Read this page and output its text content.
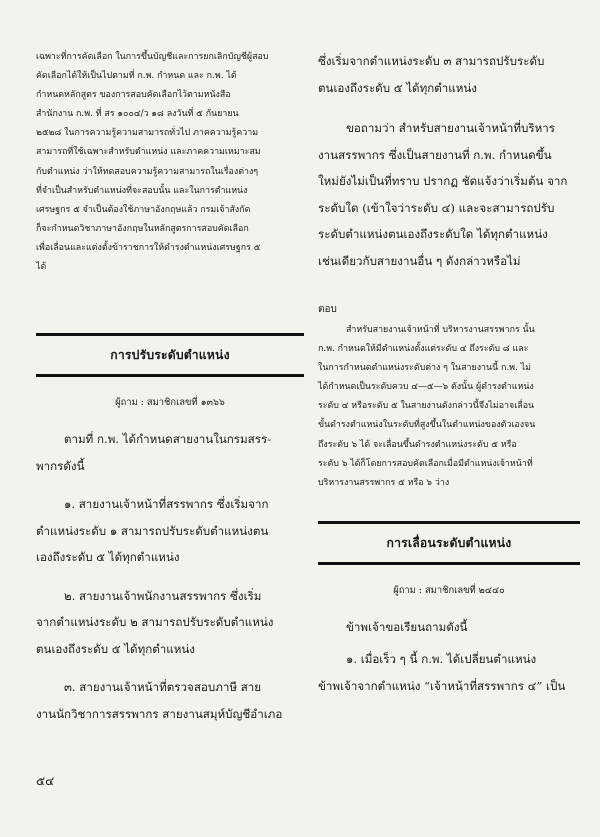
เฉพาะที่การคัดเลือก ในการขึ้นบัญชีและการยกเลิกบัญชีผู้สอบ

คัดเลือกได้ให้เป็นไปตามที่ ก.พ. กำหนด และ ก.พ. ได้

กำหนดหลักสูตร ของการสอบคัดเลือกไว้ตามหนังสือ

สำนักงาน ก.พ. ที่ สร ๑๐๐๔/ว ๑๘ ลงวันที่ ๕ กันยายน

๒๕๒๘ ในการความรู้ความสามารถทั่วไป ภาคความรู้ความ

สามารถที่ใช้เฉพาะสำหรับตำแหน่ง และภาคความเหมาะสม

กับตำแหน่ง ว่าให้ทดสอบความรู้ความสามารถในเรื่องต่างๆ

ที่จำเป็นสำหรับตำแหน่งที่จะสอบนั้น และในการตำแหน่ง

เศรษฐกร ๕ จำเป็นต้องใช้ภาษาอังกฤษแล้ว กรมเจ้าสังกัด

ก็จะกำหนดวิชาภาษาอังกฤษในหลักสูตรการสอบคัดเลือก

เพื่อเลื่อนและแต่งตั้งข้าราชการให้ดำรงตำแหน่งเศรษฐกร ๕

ได้

การปรับระดับตำแหน่ง
ผู้ถาม : สมาชิกเลขที่ ๑๓๖๖

ตามที่ ก.พ. ได้กำหนดสายงานในกรมสรร-

พากรดังนี้

๑. สายงานเจ้าหน้าที่สรรพากร ซึ่งเริ่มจาก

ตำแหน่งระดับ ๑ สามารถปรับระดับตำแหน่งตน

เองถึงระดับ ๕ ได้ทุกตำแหน่ง

๒. สายงานเจ้าพนักงานสรรพากร ซึ่งเริ่ม

จากตำแหน่งระดับ ๒ สามารถปรับระดับตำแหน่ง

ตนเองถึงระดับ ๕ ได้ทุกตำแหน่ง

๓. สายงานเจ้าหน้าที่ตรวจสอบภาษี สาย

งานนักวิชาการสรรพากร สายงานสมุห์บัญชีอำเภอ

๕๔

ซึ่งเริ่มจากตำแหน่งระดับ ๓ สามารถปรับระดับ

ตนเองถึงระดับ ๕ ได้ทุกตำแหน่ง

ขอถามว่า สำหรับสายงานเจ้าหน้าที่บริหาร

งานสรรพากร ซึ่งเป็นสายงานที่ ก.พ. กำหนดขึ้น

ใหม่ยังไม่เป็นที่ทราบ ปรากฏ ชัดแจ้งว่าเริ่มต้น จาก

ระดับใด (เข้าใจว่าระดับ ๔) และจะสามารถปรับ

ระดับตำแหน่งตนเองถึงระดับใด ได้ทุกตำแหน่ง

เช่นเดียวกับสายงานอื่น ๆ ดังกล่าวหรือไม่

ตอบ

สำหรับสายงานเจ้าหน้าที่ บริหารงานสรรพากร นั้น

ก.พ. กำหนดให้มีตำแหน่งตั้งแต่ระดับ ๔ ถึงระดับ ๘ และ

ในการกำหนดตำแหน่งระดับต่าง ๆ ในสายงานนี้ ก.พ. ไม่

ได้กำหนดเป็นระดับควบ ๔—๕—๖ ดังนั้น ผู้ดำรงตำแหน่ง

ระดับ ๔ หรือระดับ ๕ ในสายงานดังกล่าวนี้จึงไม่อาจเลื่อน

ขั้นดำรงตำแหน่งในระดับที่สูงขึ้นในตำแหน่งของตัวเองจน

ถึงระดับ ๖ ได้ จะเลื่อนขึ้นดำรงตำแหน่งระดับ ๕ หรือ

ระดับ ๖ ได้ก็โดยการสอบคัดเลือกเมื่อมีตำแหน่งเจ้าหน้าที่

บริหารงานสรรพากร ๕ หรือ ๖ ว่าง

การเลื่อนระดับตำแหน่ง
ผู้ถาม : สมาชิกเลขที่ ๒๔๔๐

ข้าพเจ้าขอเรียนถามดังนี้

๑. เมื่อเร็ว ๆ นี้ ก.พ. ได้เปลี่ยนตำแหน่ง

ข้าพเจ้าจากตำแหน่ง “เจ้าหน้าที่สรรพากร ๔” เป็น
